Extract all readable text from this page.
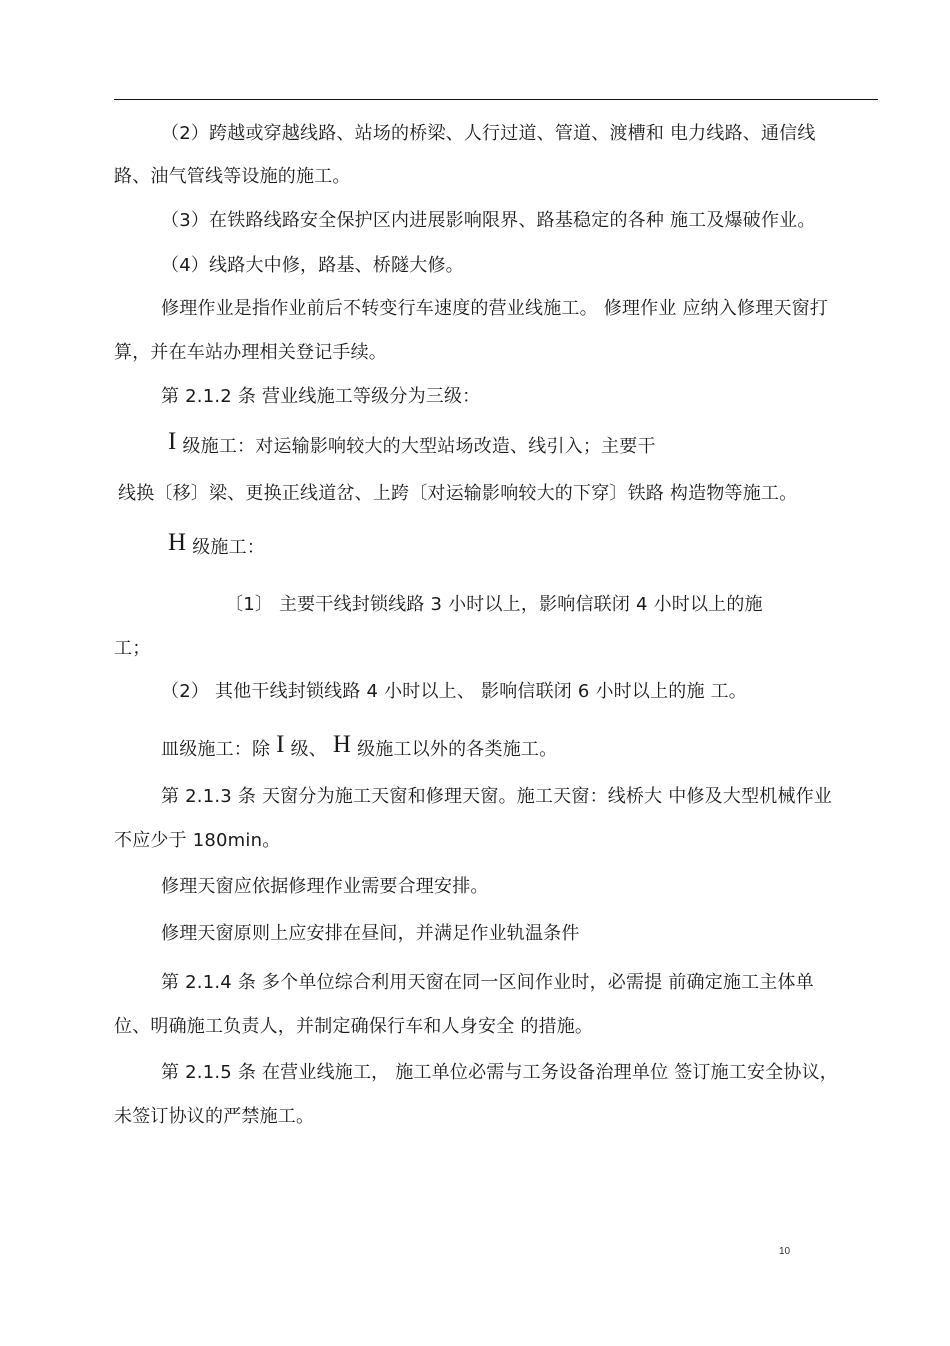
（2）跨越或穿越线路、站场的桥梁、人行过道、管道、渡槽和 电力线路、通信线
路、油气管线等设施的施工。
（3）在铁路线路安全保护区内进展影响限界、路基稳定的各种 施工及爆破作业。
（4）线路大中修，路基、桥隧大修。
修理作业是指作业前后不转变行车速度的营业线施工。 修理作业 应纳入修理天窗打
算，并在车站办理相关登记手续。
第 2.1.2 条 营业线施工等级分为三级：
I 级施工：对运输影响较大的大型站场改造、线引入；主要干
线换〔移〕梁、更换正线道岔、上跨〔对运输影响较大的下穿〕铁路 构造物等施工。
H 级施工：
〔1〕 主要干线封锁线路 3 小时以上，影响信联闭 4 小时以上的施
工；
（2） 其他干线封锁线路 4 小时以上、 影响信联闭 6 小时以上的施 工。
皿级施工：除 I 级、 H 级施工以外的各类施工。
第 2.1.3 条 天窗分为施工天窗和修理天窗。施工天窗：线桥大 中修及大型机械作业
不应少于 180min。
修理天窗应依据修理作业需要合理安排。
修理天窗原则上应安排在昼间，并满足作业轨温条件
第 2.1.4 条 多个单位综合利用天窗在同一区间作业时，必需提 前确定施工主体单
位、明确施工负责人，并制定确保行车和人身安全 的措施。
第 2.1.5 条 在营业线施工， 施工单位必需与工务设备治理单位 签订施工安全协议，
未签订协议的严禁施工。
10
